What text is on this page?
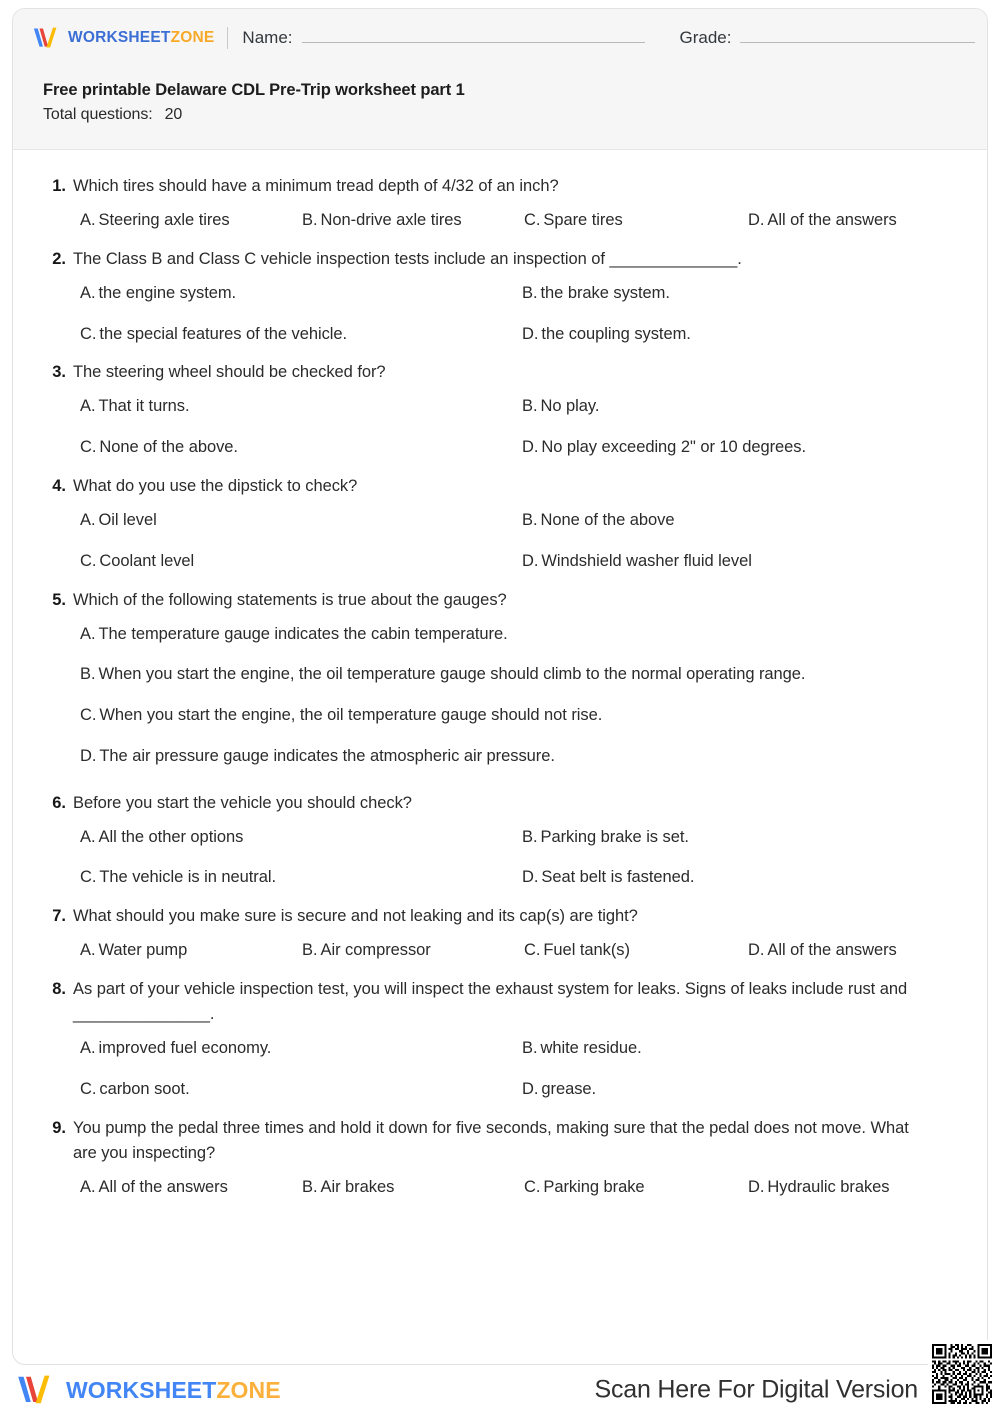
WORKSHEETZONE Name:	Grade:
Free printable Delaware CDL Pre-Trip worksheet part 1
Total questions: 20
1. Which tires should have a minimum tread depth of 4/32 of an inch?
A. Steering axle tires	B. Non-drive axle tires	C. Spare tires	D. All of the answers
2. The Class B and Class C vehicle inspection tests include an inspection of ______________.
A. the engine system.	B. the brake system.
C. the special features of the vehicle.	D. the coupling system.
3. The steering wheel should be checked for?
A. That it turns.	B. No play.
C. None of the above.	D. No play exceeding 2" or 10 degrees.
4. What do you use the dipstick to check?
A. Oil level	B. None of the above
C. Coolant level	D. Windshield washer fluid level
5. Which of the following statements is true about the gauges?
A. The temperature gauge indicates the cabin temperature.
B. When you start the engine, the oil temperature gauge should climb to the normal operating range.
C. When you start the engine, the oil temperature gauge should not rise.
D. The air pressure gauge indicates the atmospheric air pressure.
6. Before you start the vehicle you should check?
A. All the other options	B. Parking brake is set.
C. The vehicle is in neutral.	D. Seat belt is fastened.
7. What should you make sure is secure and not leaking and its cap(s) are tight?
A. Water pump	B. Air compressor	C. Fuel tank(s)	D. All of the answers
8. As part of your vehicle inspection test, you will inspect the exhaust system for leaks. Signs of leaks include rust and _______________.
A. improved fuel economy.	B. white residue.
C. carbon soot.	D. grease.
9. You pump the pedal three times and hold it down for five seconds, making sure that the pedal does not move. What are you inspecting?
A. All of the answers	B. Air brakes	C. Parking brake	D. Hydraulic brakes
WORKSHEETZONE	Scan Here For Digital Version
